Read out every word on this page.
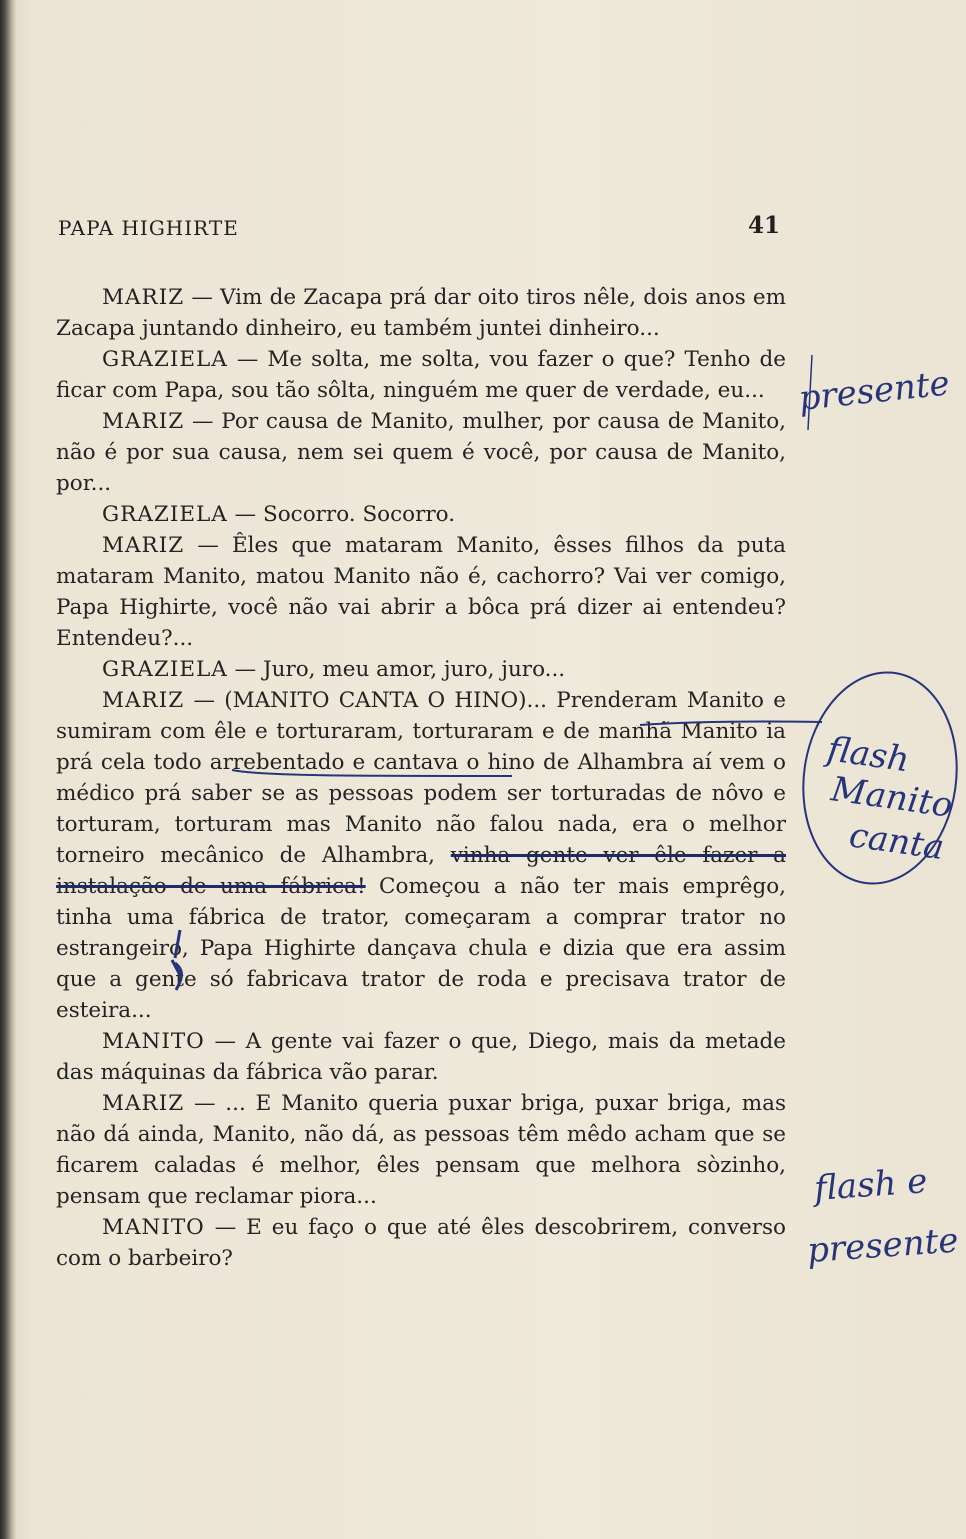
PAPA HIGHIRTE	41

MARIZ — Vim de Zacapa prá dar oito tiros nêle, dois anos em Zacapa juntando dinheiro, eu também juntei dinheiro...

GRAZIELA — Me solta, me solta, vou fazer o que? Tenho de ficar com Papa, sou tão sôlta, ninguém me quer de verdade, eu...

MARIZ — Por causa de Manito, mulher, por causa de Manito, não é por sua causa, nem sei quem é você, por causa de Manito, por...

GRAZIELA — Socorro. Socorro.

MARIZ — Êles que mataram Manito, êsses filhos da puta mataram Manito, matou Manito não é, cachorro? Vai ver comigo, Papa Highirte, você não vai abrir a bôca prá dizer ai entendeu? Entendeu?...

GRAZIELA — Juro, meu amor, juro, juro...

MARIZ — (MANITO CANTA O HINO)... Prenderam Manito e sumiram com êle e torturaram, torturaram e de manhã Manito ia prá cela todo arrebentado e cantava o hino de Alhambra aí vem o médico prá saber se as pessoas podem ser torturadas de nôvo e torturam, torturam mas Manito não falou nada, era o melhor torneiro mecânico de Alhambra, vinha gente ver êle fazer a instalação de uma fábrica! Começou a não ter mais emprêgo, tinha uma fábrica de trator, começaram a comprar trator no estrangeiro, Papa Highirte dançava chula e dizia que era assim que a gente só fabricava trator de roda e precisava trator de esteira...

MANITO — A gente vai fazer o que, Diego, mais da metade das máquinas da fábrica vão parar.

MARIZ — ... E Manito queria puxar briga, puxar briga, mas não dá ainda, Manito, não dá, as pessoas têm mêdo acham que se ficarem caladas é melhor, êles pensam que melhora sòzinho, pensam que reclamar piora...

MANITO — E eu faço o que até êles descobrirem, converso com o barbeiro?

presente
flash
Manito
canta
flash e
presente
